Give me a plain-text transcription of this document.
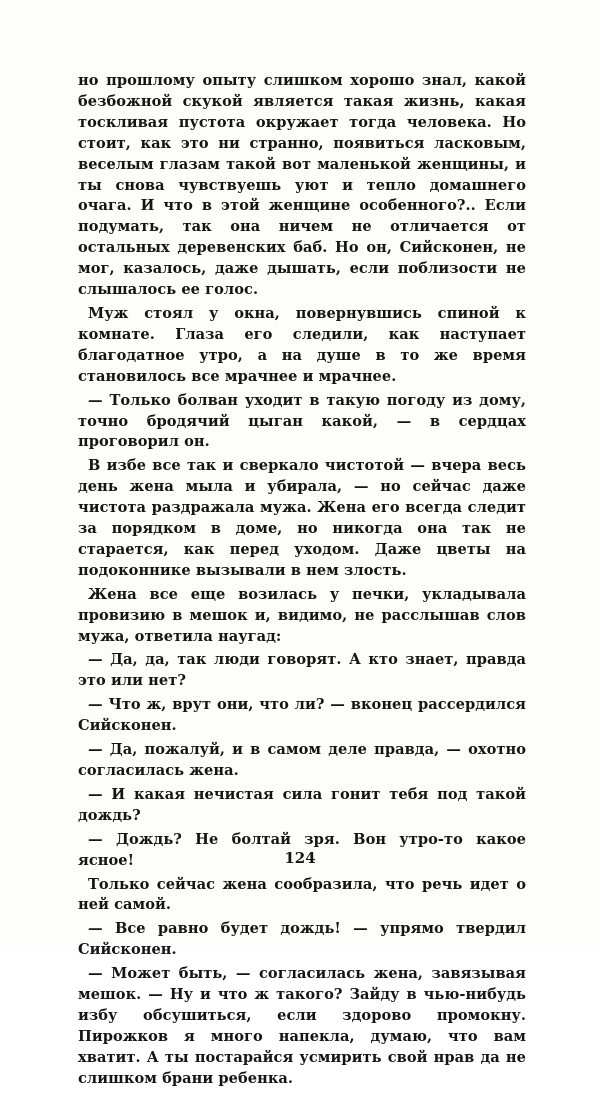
но прошлому опыту слишком хорошо знал, какой безбожной скукой является такая жизнь, какая тоскливая пустота окружает тогда человека. Но стоит, как это ни странно, появиться ласковым, веселым глазам такой вот маленькой женщины, и ты снова чувствуешь уют и тепло домашнего очага. И что в этой женщине особенного?.. Если подумать, так она ничем не отличается от остальных деревенских баб. Но он, Сийсконен, не мог, казалось, даже дышать, если поблизости не слышалось ее голос.

Муж стоял у окна, повернувшись спиной к комнате. Глаза его следили, как наступает благодатное утро, а на душе в то же время становилось все мрачнее и мрачнее.

— Только болван уходит в такую погоду из дому, точно бродячий цыган какой, — в сердцах проговорил он.

В избе все так и сверкало чистотой — вчера весь день жена мыла и убирала, — но сейчас даже чистота раздражала мужа. Жена его всегда следит за порядком в доме, но никогда она так не старается, как перед уходом. Даже цветы на подоконнике вызывали в нем злость.

Жена все еще возилась у печки, укладывала провизию в мешок и, видимо, не расслышав слов мужа, ответила наугад:

— Да, да, так люди говорят. А кто знает, правда это или нет?

— Что ж, врут они, что ли? — вконец рассердился Сийсконен.

— Да, пожалуй, и в самом деле правда, — охотно согласилась жена.

— И какая нечистая сила гонит тебя под такой дождь?

— Дождь? Не болтай зря. Вон утро-то какое ясное!

Только сейчас жена сообразила, что речь идет о ней самой.

— Все равно будет дождь! — упрямо твердил Сийсконен.

— Может быть, — согласилась жена, завязывая мешок. — Ну и что ж такого? Зайду в чью-нибудь избу обсушиться, если здорово промокну. Пирожков я много напекла, думаю, что вам хватит. А ты постарайся усмирить свой нрав да не слишком брани ребенка.

124
